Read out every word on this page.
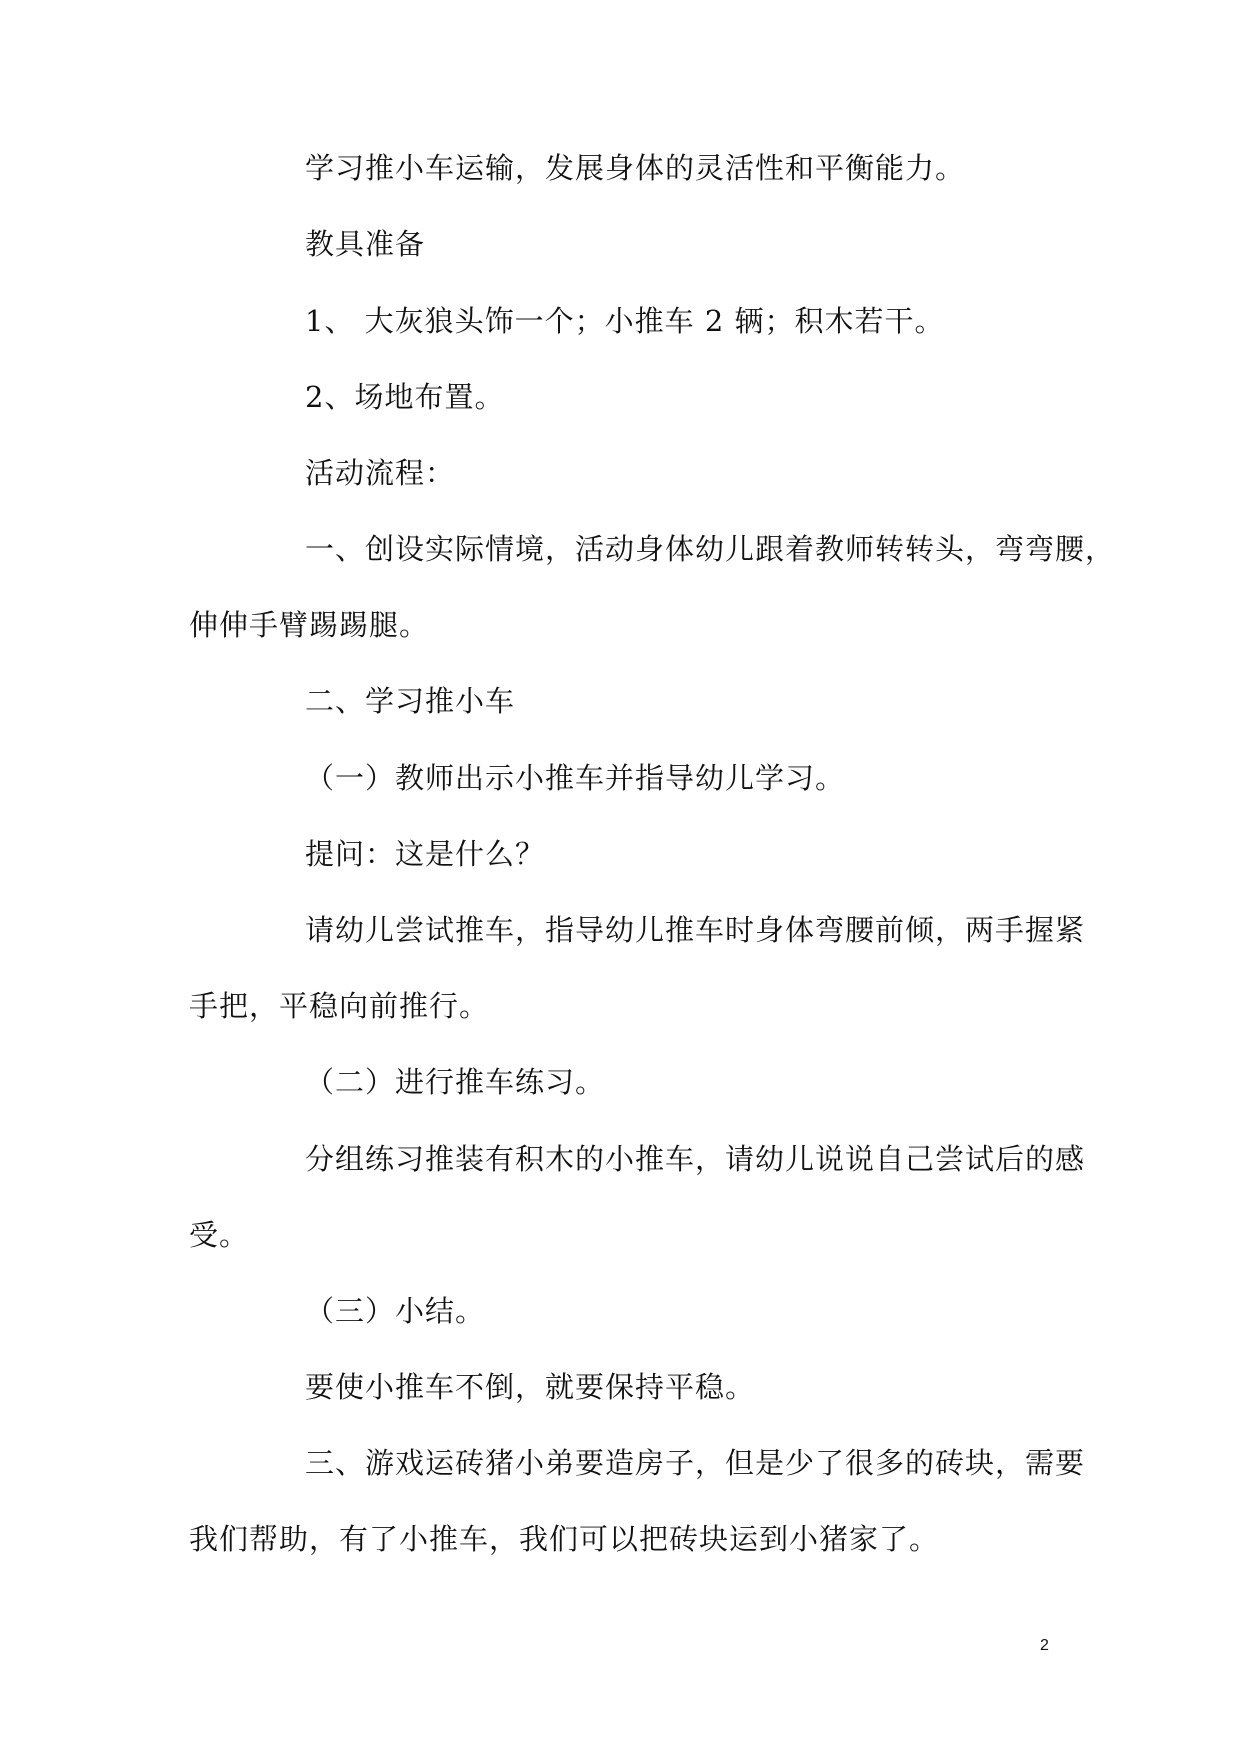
学习推小车运输，发展身体的灵活性和平衡能力。
教具准备
1、 大灰狼头饰一个；小推车 2 辆；积木若干。
2、场地布置。
活动流程：
一、创设实际情境，活动身体幼儿跟着教师转转头，弯弯腰，
伸伸手臂踢踢腿。
二、学习推小车
（一）教师出示小推车并指导幼儿学习。
提问：这是什么？
请幼儿尝试推车，指导幼儿推车时身体弯腰前倾，两手握紧
手把，平稳向前推行。
（二）进行推车练习。
分组练习推装有积木的小推车，请幼儿说说自己尝试后的感
受。
（三）小结。
要使小推车不倒，就要保持平稳。
三、游戏运砖猪小弟要造房子，但是少了很多的砖块，需要
我们帮助，有了小推车，我们可以把砖块运到小猪家了。
2
